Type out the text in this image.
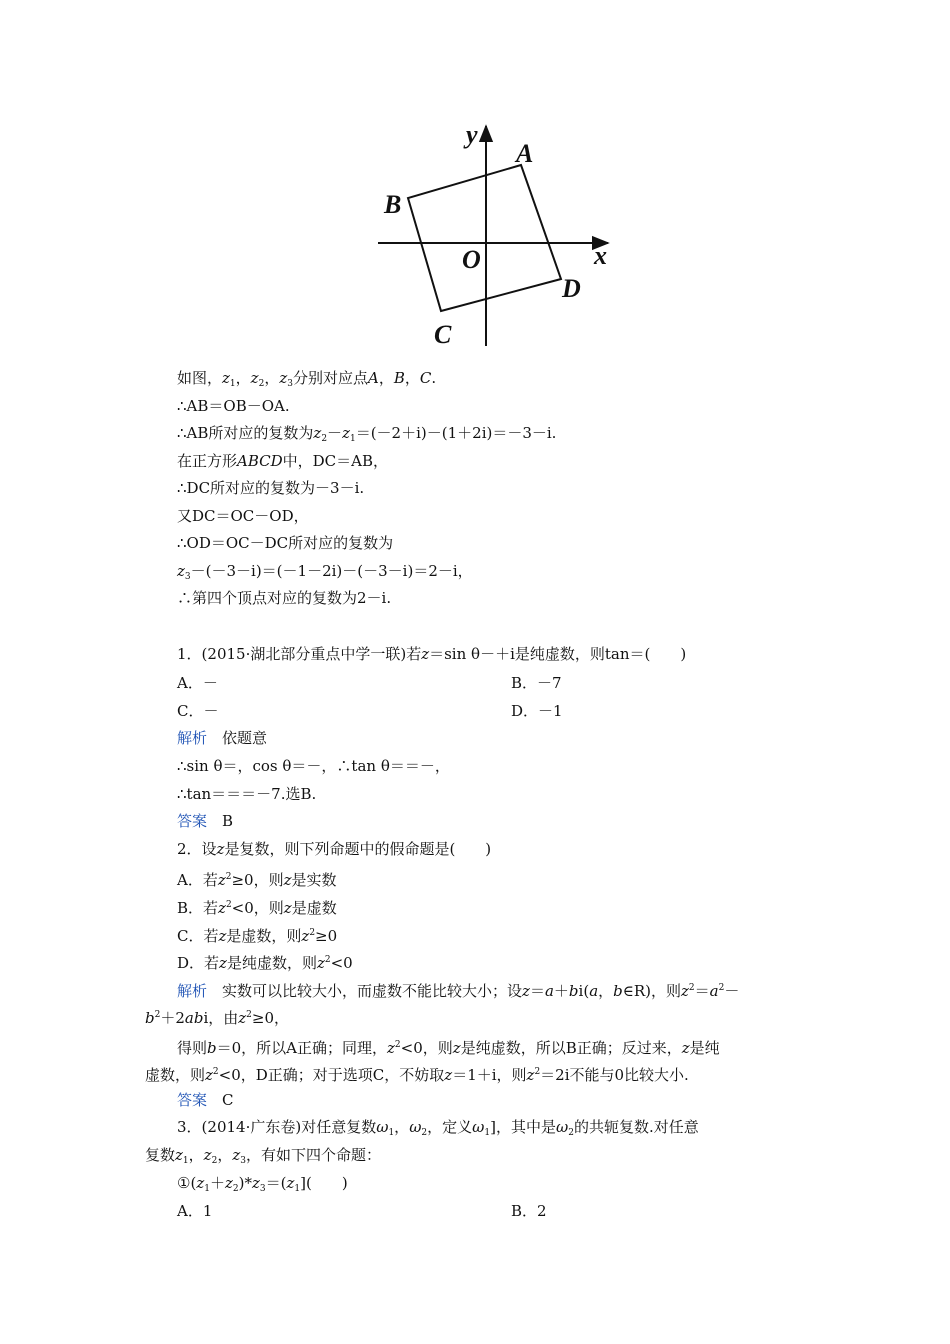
y
x
O
A
B
C
D
如图，$z_1$，$z_2$，$z_3$分别对应点A，B，C.
∴AB＝OB－OA.
∴AB所对应的复数为$z_2-z_1=(-2+i)-(1+2i)=-3-i$.
在正方形ABCD中，DC＝AB，
∴DC所对应的复数为－3－i.
又DC＝OC－OD，
∴OD＝OC－DC所对应的复数为
$z_3-(-3-i)=(-1-2i)-(-3-i)=2-i$，
∴第四个顶点对应的复数为2－i.
1．(2015·湖北部分重点中学一联)若z＝sin θ－＋i是纯虚数，则tan＝(　　)
A．－	B．－7
C．－	D．－1
解析　依题意
∴sin θ＝，cos θ＝－，∴tan θ＝＝－，
∴tan＝＝＝－7.选B.
答案　B
2．设z是复数，则下列命题中的假命题是(　　)
A．若$z^2\ge 0$，则z是实数
B．若$z^2<0$，则z是虚数
C．若z是虚数，则$z^2\ge 0$
D．若z是纯虚数，则$z^2<0$
解析　实数可以比较大小，而虚数不能比较大小；设z＝a＋bi(a，b∈R)，则$z^2=a^2-$
$b^2+2abi$，由$z^2\ge 0$，
得则b＝0，所以A正确；同理，$z^2<0$，则z是纯虚数，所以B正确；反过来，z是纯
虚数，则$z^2<0$，D正确；对于选项C，不妨取z＝1＋i，则$z^2=2i$不能与0比较大小.
答案　C
3．(2014·广东卷)对任意复数$\omega_1$，$\omega_2$，定义$\omega_1$]，其中是$\omega_2$的共轭复数.对任意
复数$z_1$，$z_2$，$z_3$，有如下四个命题：
$①(z_1+z_2)*z_3=(z_1]$(　　)
A．1	B．2
